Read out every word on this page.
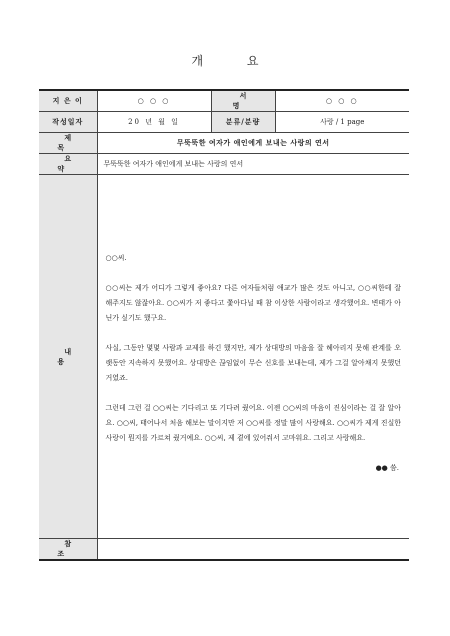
개 요
지 은 이	○ ○ ○	서 명	○ ○ ○
작성일자	20 년 월 일	분류/분량	사랑 / 1 page
제 목	무뚝뚝한 여자가 애인에게 보내는 사랑의 연서		
요 약	무뚝뚝한 여자가 애인에게 보내는 사랑의 연서		
내 용	○○씨.

○○씨는 제가 어디가 그렇게 좋아요? 다른 여자들처럼 애교가 많은 것도 아니고, ○○씨한테 잘 해주지도 않잖아요. ○○씨가 저 좋다고 쫓아다닐 때 참 이상한 사람이라고 생각했어요. 변태가 아닌가 싶기도 했구요.

사실, 그동안 몇몇 사람과 교제를 하긴 했지만, 제가 상대방의 마음을 잘 헤아리지 못해 관계를 오랫동안 지속하지 못했어요. 상대방은 끊임없이 무슨 신호를 보내는데, 제가 그걸 알아채지 못했던 거였죠.

그런데 그런 걸 ○○씨는 기다리고 또 기다려 줬어요. 이젠 ○○씨의 마음이 진심이라는 걸 잘 알아요. ○○씨, 태어나서 처음 해보는 말이지만 저 ○○씨를 정말 많이 사랑해요. ○○씨가 제게 진실한 사랑이 뭔지를 가르쳐 줬거예요. ○○씨, 제 곁에 있어줘서 고마워요. 그리고 사랑해요.

●● 씀.		

참 조			
